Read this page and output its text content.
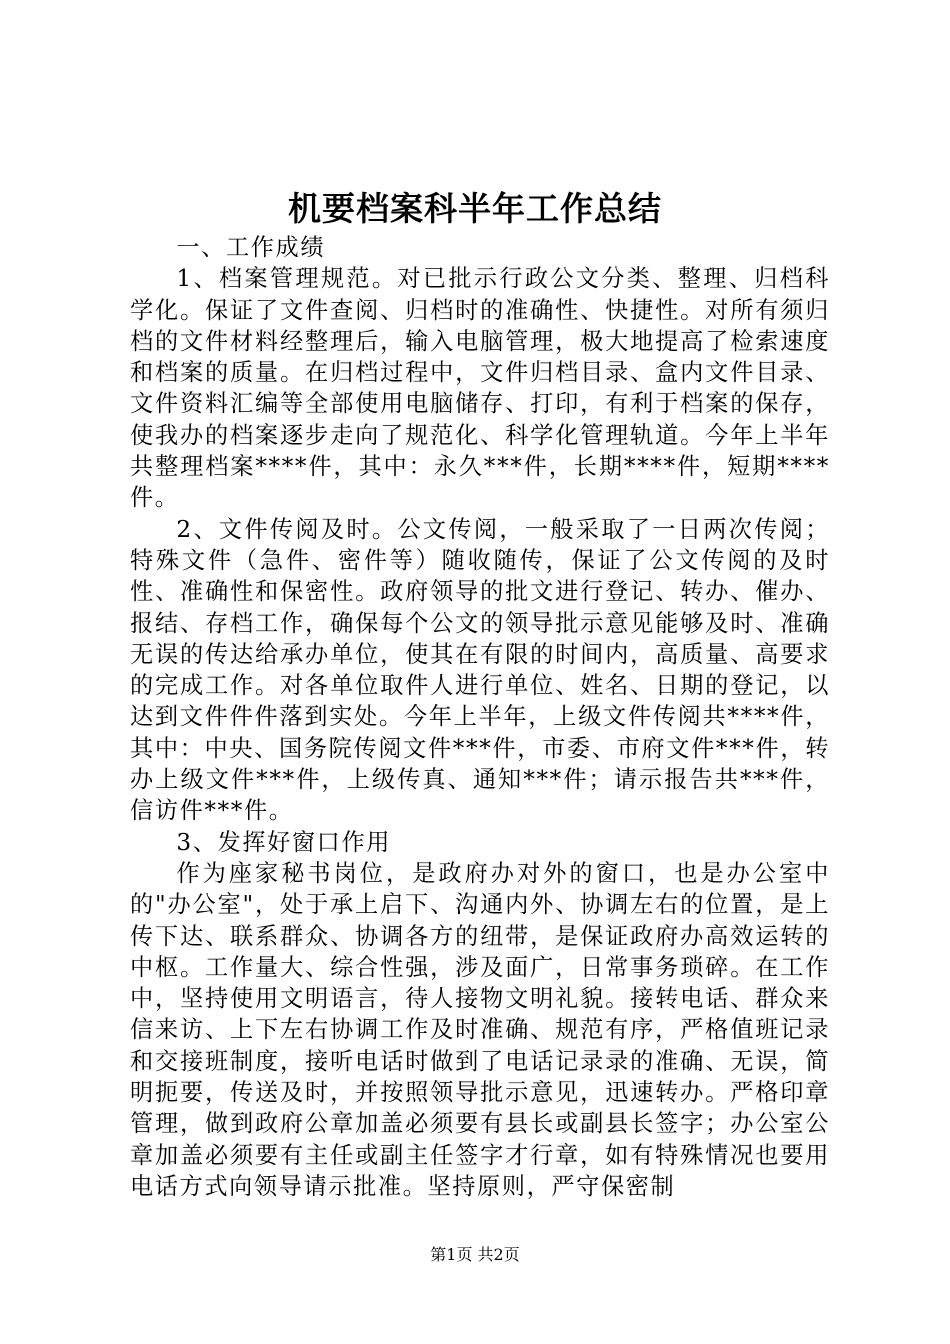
机要档案科半年工作总结

一、工作成绩

1、档案管理规范。对已批示行政公文分类、整理、归档科学化。保证了文件查阅、归档时的准确性、快捷性。对所有须归档的文件材料经整理后，输入电脑管理，极大地提高了检索速度和档案的质量。在归档过程中，文件归档目录、盒内文件目录、文件资料汇编等全部使用电脑储存、打印，有利于档案的保存，使我办的档案逐步走向了规范化、科学化管理轨道。今年上半年共整理档案****件，其中：永久***件，长期****件，短期****件。

2、文件传阅及时。公文传阅，一般采取了一日两次传阅；特殊文件（急件、密件等）随收随传，保证了公文传阅的及时性、准确性和保密性。政府领导的批文进行登记、转办、催办、报结、存档工作，确保每个公文的领导批示意见能够及时、准确无误的传达给承办单位，使其在有限的时间内，高质量、高要求的完成工作。对各单位取件人进行单位、姓名、日期的登记，以达到文件件件落到实处。今年上半年，上级文件传阅共****件，其中：中央、国务院传阅文件***件，市委、市府文件***件，转办上级文件***件，上级传真、通知***件；请示报告共***件，信访件***件。

3、发挥好窗口作用

作为座家秘书岗位，是政府办对外的窗口，也是办公室中的"办公室"，处于承上启下、沟通内外、协调左右的位置，是上传下达、联系群众、协调各方的纽带，是保证政府办高效运转的中枢。工作量大、综合性强，涉及面广，日常事务琐碎。在工作中，坚持使用文明语言，待人接物文明礼貌。接转电话、群众来信来访、上下左右协调工作及时准确、规范有序，严格值班记录和交接班制度，接听电话时做到了电话记录录的准确、无误，简明扼要，传送及时，并按照领导批示意见，迅速转办。严格印章管理，做到政府公章加盖必须要有县长或副县长签字；办公室公章加盖必须要有主任或副主任签字才行章，如有特殊情况也要用电话方式向领导请示批准。坚持原则，严守保密制

第1页 共2页
